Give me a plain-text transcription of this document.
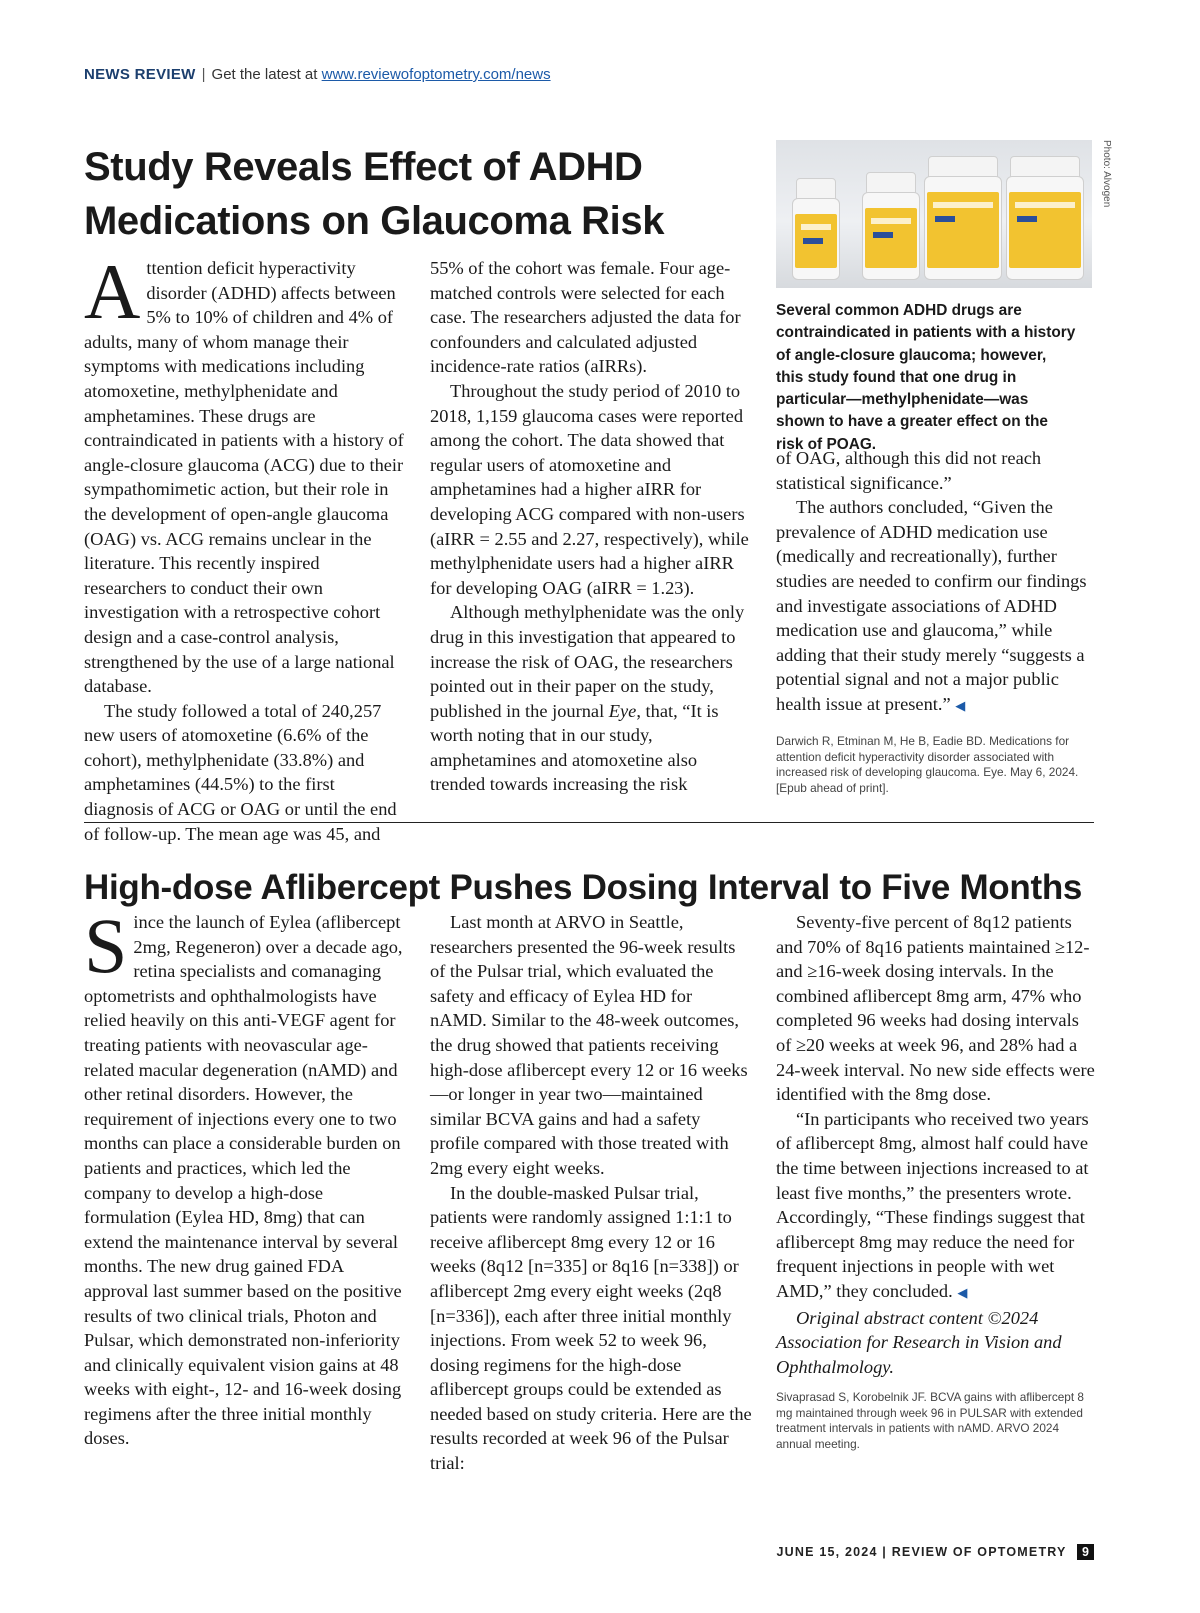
NEWS REVIEW | Get the latest at www.reviewofoptometry.com/news
Study Reveals Effect of ADHD Medications on Glaucoma Risk

Attention deficit hyperactivity disorder (ADHD) affects between 5% to 10% of children and 4% of adults, many of whom manage their symptoms with medications including atomoxetine, methylphenidate and amphetamines. These drugs are contraindicated in patients with a history of angle-closure glaucoma (ACG) due to their sympathomimetic action, but their role in the development of open-angle glaucoma (OAG) vs. ACG remains unclear in the literature. This recently inspired researchers to conduct their own investigation with a retrospective cohort design and a case-control analysis, strengthened by the use of a large national database.

The study followed a total of 240,257 new users of atomoxetine (6.6% of the cohort), methylphenidate (33.8%) and amphetamines (44.5%) to the first diagnosis of ACG or OAG or until the end of follow-up. The mean age was 45, and

55% of the cohort was female. Four age-matched controls were selected for each case. The researchers adjusted the data for confounders and calculated adjusted incidence-rate ratios (aIRRs).

Throughout the study period of 2010 to 2018, 1,159 glaucoma cases were reported among the cohort. The data showed that regular users of atomoxetine and amphetamines had a higher aIRR for developing ACG compared with non-users (aIRR = 2.55 and 2.27, respectively), while methylphenidate users had a higher aIRR for developing OAG (aIRR = 1.23).

Although methylphenidate was the only drug in this investigation that appeared to increase the risk of OAG, the researchers pointed out in their paper on the study, published in the journal Eye, that, “It is worth noting that in our study, amphetamines and atomoxetine also trended towards increasing the risk

Photo: Alvogen
Several common ADHD drugs are contraindicated in patients with a history of angle-closure glaucoma; however, this study found that one drug in particular—methylphenidate—was shown to have a greater effect on the risk of POAG.

of OAG, although this did not reach statistical significance.”

The authors concluded, “Given the prevalence of ADHD medication use (medically and recreationally), further studies are needed to confirm our findings and investigate associations of ADHD medication use and glaucoma,” while adding that their study merely “suggests a potential signal and not a major public health issue at present.” ◀

Darwich R, Etminan M, He B, Eadie BD. Medications for attention deficit hyperactivity disorder associated with increased risk of developing glaucoma. Eye. May 6, 2024. [Epub ahead of print].
High-dose Aflibercept Pushes Dosing Interval to Five Months

Since the launch of Eylea (aflibercept 2mg, Regeneron) over a decade ago, retina specialists and comanaging optometrists and ophthalmologists have relied heavily on this anti-VEGF agent for treating patients with neovascular age-related macular degeneration (nAMD) and other retinal disorders. However, the requirement of injections every one to two months can place a considerable burden on patients and practices, which led the company to develop a high-dose formulation (Eylea HD, 8mg) that can extend the maintenance interval by several months. The new drug gained FDA approval last summer based on the positive results of two clinical trials, Photon and Pulsar, which demonstrated non-inferiority and clinically equivalent vision gains at 48 weeks with eight-, 12- and 16-week dosing regimens after the three initial monthly doses.

Last month at ARVO in Seattle, researchers presented the 96-week results of the Pulsar trial, which evaluated the safety and efficacy of Eylea HD for nAMD. Similar to the 48-week outcomes, the drug showed that patients receiving high-dose aflibercept every 12 or 16 weeks—or longer in year two—maintained similar BCVA gains and had a safety profile compared with those treated with 2mg every eight weeks.

In the double-masked Pulsar trial, patients were randomly assigned 1:1:1 to receive aflibercept 8mg every 12 or 16 weeks (8q12 [n=335] or 8q16 [n=338]) or aflibercept 2mg every eight weeks (2q8 [n=336]), each after three initial monthly injections. From week 52 to week 96, dosing regimens for the high-dose aflibercept groups could be extended as needed based on study criteria. Here are the results recorded at week 96 of the Pulsar trial:

Seventy-five percent of 8q12 patients and 70% of 8q16 patients maintained ≥12- and ≥16-week dosing intervals. In the combined aflibercept 8mg arm, 47% who completed 96 weeks had dosing intervals of ≥20 weeks at week 96, and 28% had a 24-week interval. No new side effects were identified with the 8mg dose.

“In participants who received two years of aflibercept 8mg, almost half could have the time between injections increased to at least five months,” the presenters wrote. Accordingly, “These findings suggest that aflibercept 8mg may reduce the need for frequent injections in people with wet AMD,” they concluded. ◀

Original abstract content ©2024 Association for Research in Vision and Ophthalmology.

Sivaprasad S, Korobelnik JF. BCVA gains with aflibercept 8 mg maintained through week 96 in PULSAR with extended treatment intervals in patients with nAMD. ARVO 2024 annual meeting.
JUNE 15, 2024 | REVIEW OF OPTOMETRY 9
